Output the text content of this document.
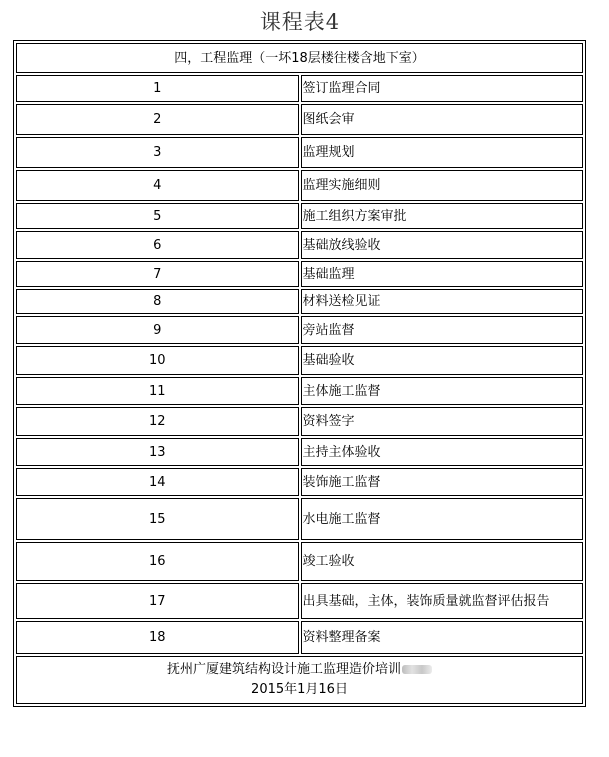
课程表4
四，工程监理（一坏18层楼往楼含地下室）	
1	签订监理合同
2	图纸会审
3	监理规划
4	监理实施细则
5	施工组织方案审批
6	基础放线验收
7	基础监理
8	材料送检见证
9	旁站监督
10	基础验收
11	主体施工监督
12	资料签字
13	主持主体验收
14	装饰施工监督
15	水电施工监督
16	竣工验收
17	出具基础，主体，装饰质量就监督评估报告
18	资料整理备案

抚州广厦建筑结构设计施工监理造价培训
2015年1月16日	
